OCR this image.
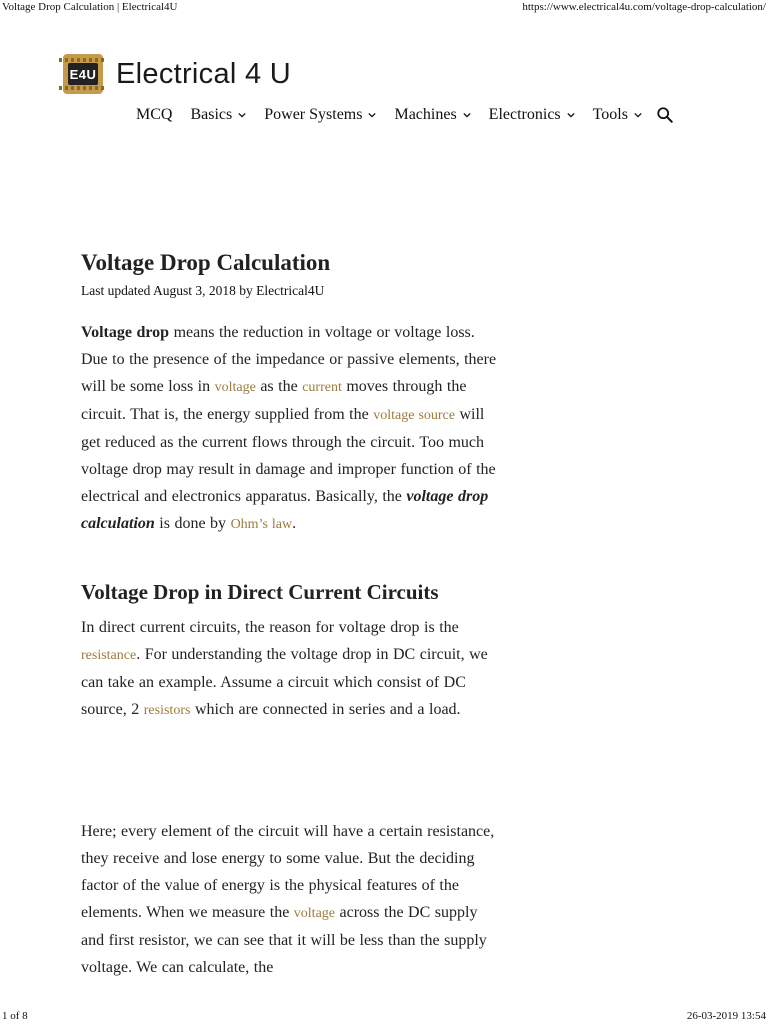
Voltage Drop Calculation | Electrical4U	https://www.electrical4u.com/voltage-drop-calculation/
E4U Electrical 4 U
MCQ Basics Power Systems Machines Electronics Tools
Voltage Drop Calculation
Last updated August 3, 2018 by Electrical4U

Voltage drop means the reduction in voltage or voltage loss. Due to the presence of the impedance or passive elements, there will be some loss in voltage as the current moves through the circuit. That is, the energy supplied from the voltage source will get reduced as the current flows through the circuit. Too much voltage drop may result in damage and improper function of the electrical and electronics apparatus. Basically, the voltage drop calculation is done by Ohm’s law.

Voltage Drop in Direct Current Circuits

In direct current circuits, the reason for voltage drop is the resistance. For understanding the voltage drop in DC circuit, we can take an example. Assume a circuit which consist of DC source, 2 resistors which are connected in series and a load.

Here; every element of the circuit will have a certain resistance, they receive and lose energy to some value. But the deciding factor of the value of energy is the physical features of the elements. When we measure the voltage across the DC supply and first resistor, we can see that it will be less than the supply voltage. We can calculate, the

1 of 8	26-03-2019 13:54
